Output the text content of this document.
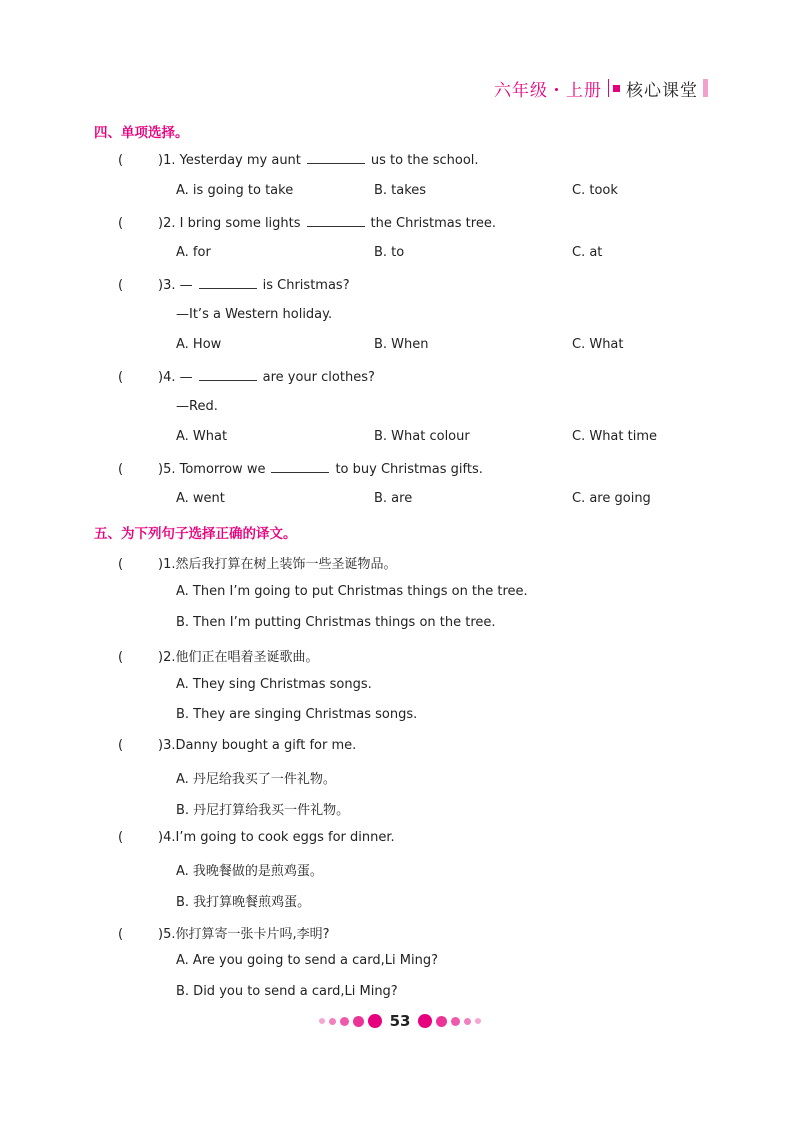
六年级・上册 核心课堂
四、单项选择。
(	)1. Yesterday my aunt	us to the school.
A. is going to take	B. takes	C. took
(	)2. I bring some lights	the Christmas tree.
A. for	B. to	C. at
(	)3. —	is Christmas?
—It’s a Western holiday.
A. How	B. When	C. What
(	)4. —	are your clothes?
—Red.
A. What	B. What colour	C. What time
(	)5. Tomorrow we	to buy Christmas gifts.
A. went	B. are	C. are going
五、为下列句子选择正确的译文。
(	)1.然后我打算在树上装饰一些圣诞物品。
A. Then I’m going to put Christmas things on the tree.
B. Then I’m putting Christmas things on the tree.
(	)2.他们正在唱着圣诞歌曲。
A. They sing Christmas songs.
B. They are singing Christmas songs.
(	)3.Danny bought a gift for me.
A. 丹尼给我买了一件礼物。
B. 丹尼打算给我买一件礼物。
(	)4.I’m going to cook eggs for dinner.
A. 我晚餐做的是煎鸡蛋。
B. 我打算晚餐煎鸡蛋。
(	)5.你打算寄一张卡片吗,李明?
A. Are you going to send a card,Li Ming?
B. Did you to send a card,Li Ming?
53
